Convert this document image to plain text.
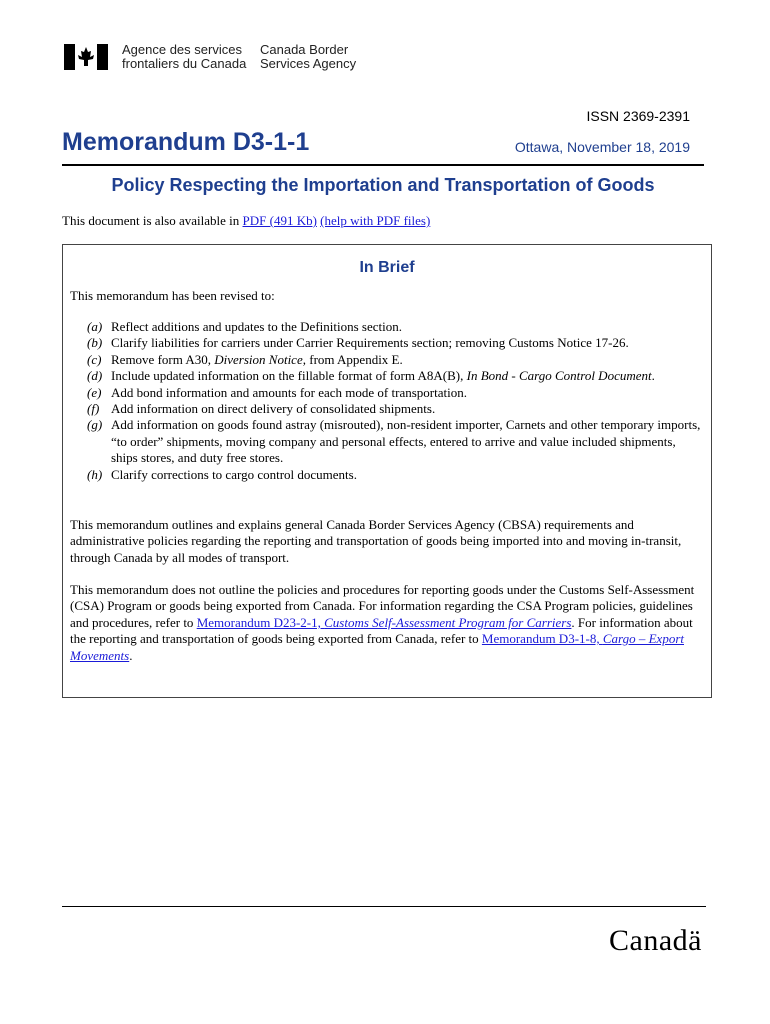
Agence des services
frontaliers du Canada
Canada Border
Services Agency
ISSN 2369-2391
Memorandum D3-1-1	Ottawa, November 18, 2019
Policy Respecting the Importation and Transportation of Goods
This document is also available in PDF (491 Kb) (help with PDF files)
In Brief
This memorandum has been revised to:
(a) Reflect additions and updates to the Definitions section.
(b) Clarify liabilities for carriers under Carrier Requirements section; removing Customs Notice 17-26.
(c) Remove form A30, Diversion Notice, from Appendix E.
(d) Include updated information on the fillable format of form A8A(B), In Bond - Cargo Control Document.
(e) Add bond information and amounts for each mode of transportation.
(f) Add information on direct delivery of consolidated shipments.
(g) Add information on goods found astray (misrouted), non-resident importer, Carnets and other temporary imports, “to order” shipments, moving company and personal effects, entered to arrive and value included shipments, ships stores, and duty free stores.
(h) Clarify corrections to cargo control documents.
This memorandum outlines and explains general Canada Border Services Agency (CBSA) requirements and administrative policies regarding the reporting and transportation of goods being imported into and moving in-transit, through Canada by all modes of transport.
This memorandum does not outline the policies and procedures for reporting goods under the Customs Self-Assessment (CSA) Program or goods being exported from Canada. For information regarding the CSA Program policies, guidelines and procedures, refer to Memorandum D23-2-1, Customs Self-Assessment Program for Carriers. For information about the reporting and transportation of goods being exported from Canada, refer to Memorandum D3-1-8, Cargo – Export Movements.
Canadä
